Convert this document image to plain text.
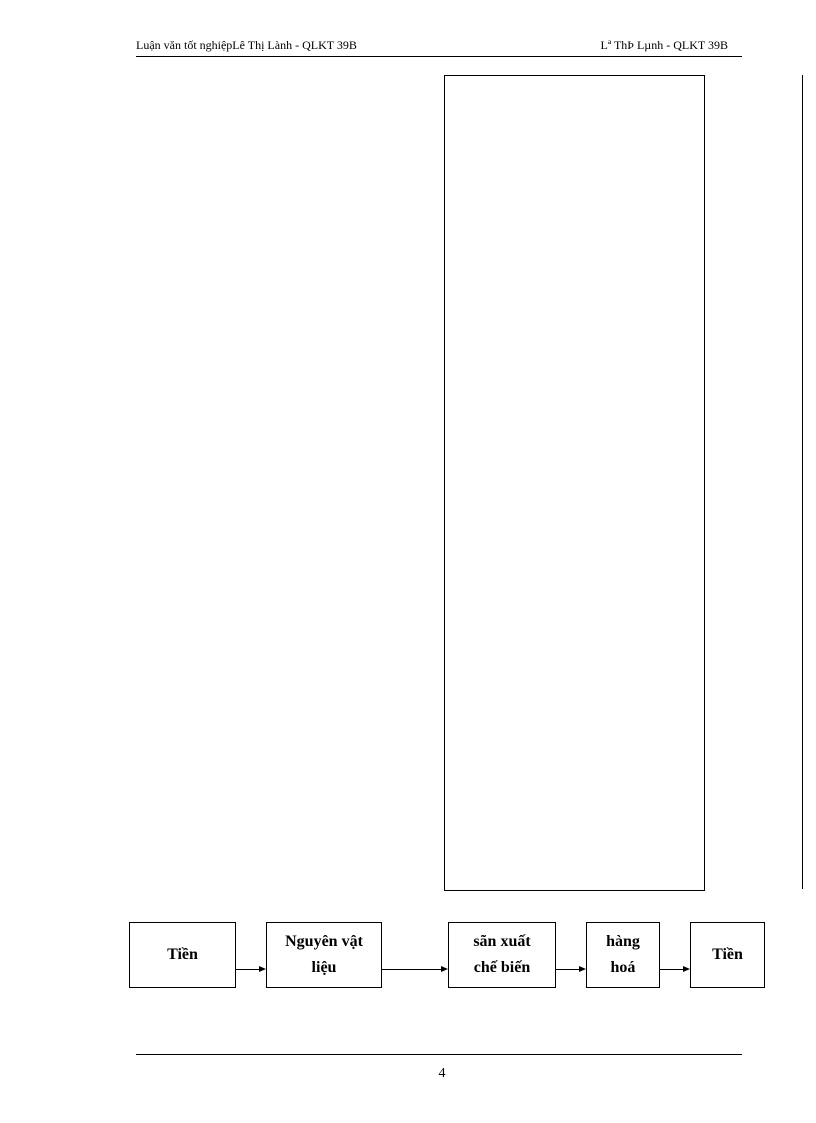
Luận văn tốt nghiệpLê Thị Lành - QLKT 39B	Lª ThÞ Lµnh - QLKT 39B
Tiền
Nguyên vật
liệu
sãn xuất
chế biến
hàng
hoá
Tiền
4
